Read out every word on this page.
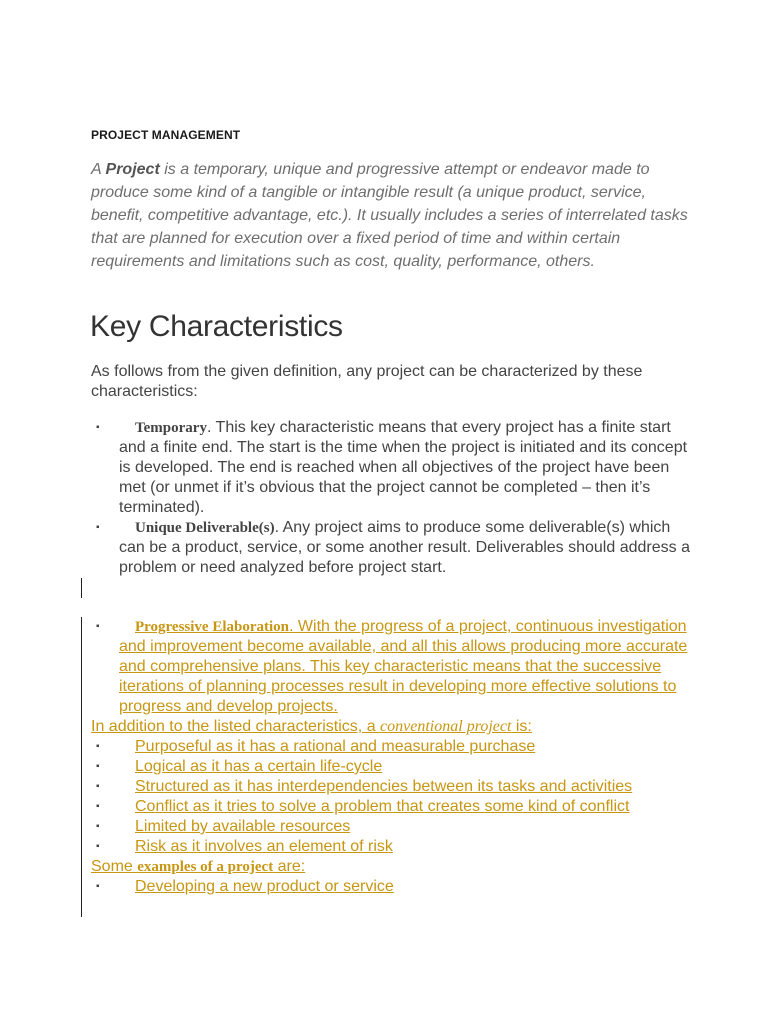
PROJECT MANAGEMENT
A Project is a temporary, unique and progressive attempt or endeavor made to produce some kind of a tangible or intangible result (a unique product, service, benefit, competitive advantage, etc.). It usually includes a series of interrelated tasks that are planned for execution over a fixed period of time and within certain requirements and limitations such as cost, quality, performance, others.
Key Characteristics
As follows from the given definition, any project can be characterized by these characteristics:
▪ Temporary. This key characteristic means that every project has a finite start and a finite end. The start is the time when the project is initiated and its concept is developed. The end is reached when all objectives of the project have been met (or unmet if it’s obvious that the project cannot be completed – then it’s terminated).
▪ Unique Deliverable(s). Any project aims to produce some deliverable(s) which can be a product, service, or some another result. Deliverables should address a problem or need analyzed before project start.
▪ Progressive Elaboration. With the progress of a project, continuous investigation and improvement become available, and all this allows producing more accurate and comprehensive plans. This key characteristic means that the successive iterations of planning processes result in developing more effective solutions to progress and develop projects.
In addition to the listed characteristics, a conventional project is:
▪ Purposeful as it has a rational and measurable purchase
▪ Logical as it has a certain life-cycle
▪ Structured as it has interdependencies between its tasks and activities
▪ Conflict as it tries to solve a problem that creates some kind of conflict
▪ Limited by available resources
▪ Risk as it involves an element of risk
Some examples of a project are:
▪ Developing a new product or service
